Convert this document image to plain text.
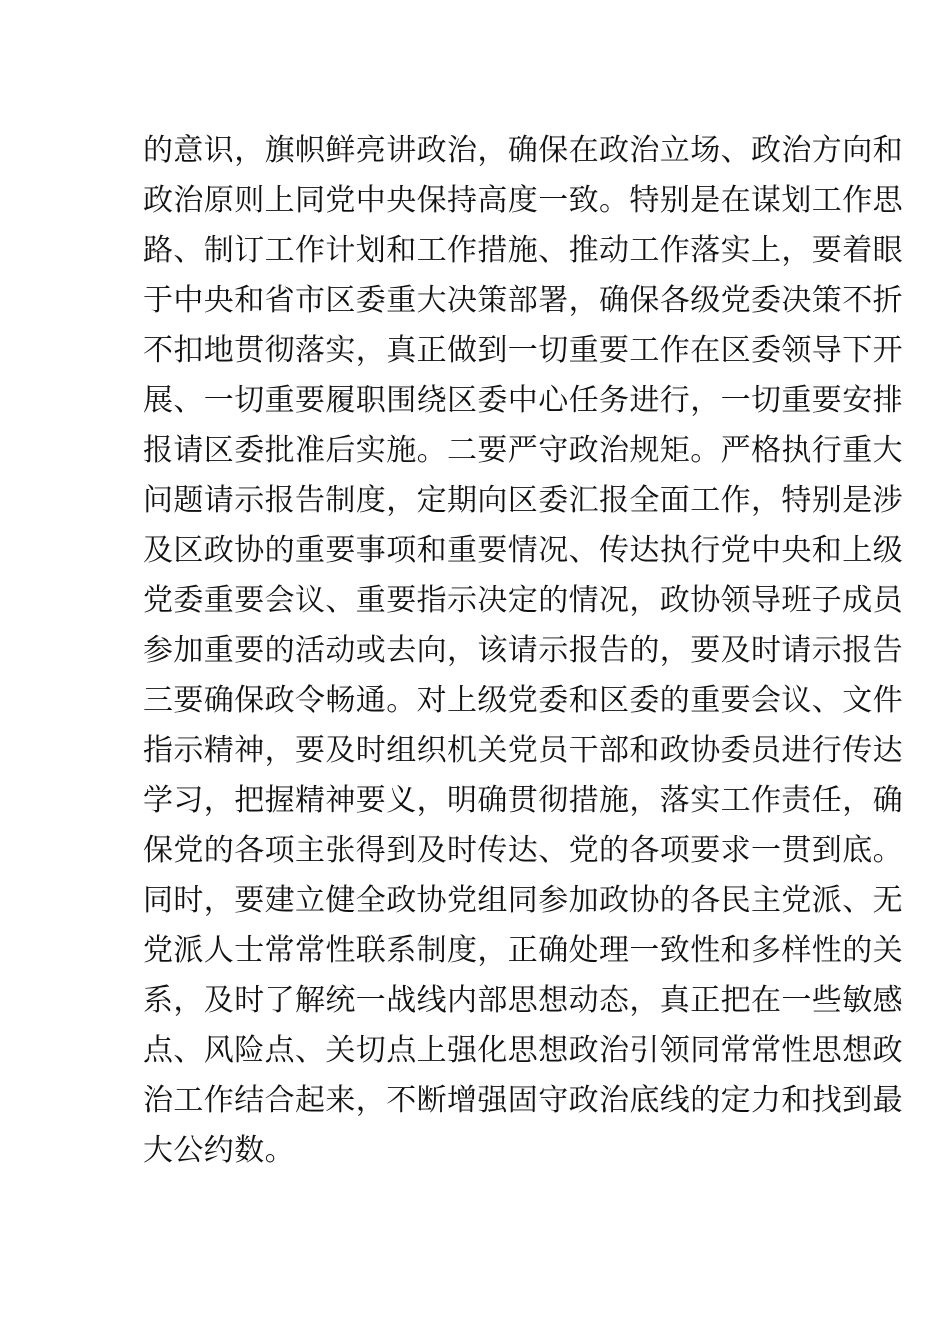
的意识，旗帜鲜亮讲政治，确保在政治立场、政治方向和
政治原则上同党中央保持高度一致。特别是在谋划工作思
路、制订工作计划和工作措施、推动工作落实上，要着眼
于中央和省市区委重大决策部署，确保各级党委决策不折
不扣地贯彻落实，真正做到一切重要工作在区委领导下开
展、一切重要履职围绕区委中心任务进行，一切重要安排
报请区委批准后实施。二要严守政治规矩。严格执行重大
问题请示报告制度，定期向区委汇报全面工作，特别是涉
及区政协的重要事项和重要情况、传达执行党中央和上级
党委重要会议、重要指示决定的情况，政协领导班子成员
参加重要的活动或去向，该请示报告的，要及时请示报告
三要确保政令畅通。对上级党委和区委的重要会议、文件
指示精神，要及时组织机关党员干部和政协委员进行传达
学习，把握精神要义，明确贯彻措施，落实工作责任，确
保党的各项主张得到及时传达、党的各项要求一贯到底。
同时，要建立健全政协党组同参加政协的各民主党派、无
党派人士常常性联系制度，正确处理一致性和多样性的关
系，及时了解统一战线内部思想动态，真正把在一些敏感
点、风险点、关切点上强化思想政治引领同常常性思想政
治工作结合起来，不断增强固守政治底线的定力和找到最
大公约数。
